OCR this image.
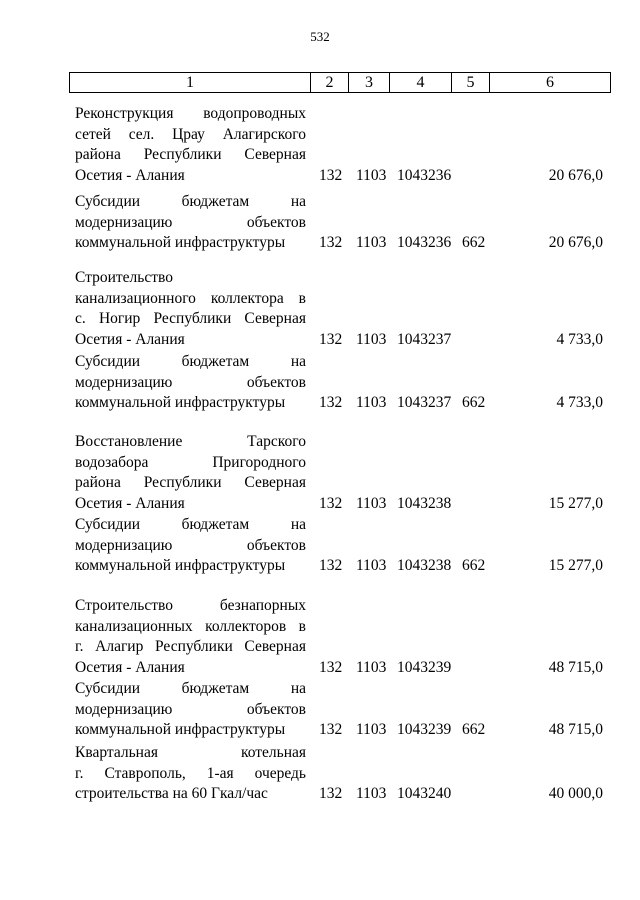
532
1	2	3	4	5	6
Реконструкция водопроводных
сетей сел. Црау Алагирского
района Республики Северная
Осетия - Алания	132 1103 1043236	20 676,0
Субсидии бюджетам на
модернизацию объектов
коммунальной инфраструктуры	132 1103 1043236 662	20 676,0
Строительство
канализационного коллектора в
с. Ногир Республики Северная
Осетия - Алания	132 1103 1043237	4 733,0
Субсидии бюджетам на
модернизацию объектов
коммунальной инфраструктуры	132 1103 1043237 662	4 733,0
Восстановление Тарского
водозабора Пригородного
района Республики Северная
Осетия - Алания	132 1103 1043238	15 277,0
Субсидии бюджетам на
модернизацию объектов
коммунальной инфраструктуры	132 1103 1043238 662	15 277,0
Строительство безнапорных
канализационных коллекторов в
г. Алагир Республики Северная
Осетия - Алания	132 1103 1043239	48 715,0
Субсидии бюджетам на
модернизацию объектов
коммунальной инфраструктуры	132 1103 1043239 662	48 715,0
Квартальная котельная
г. Ставрополь, 1-ая очередь
строительства на 60 Гкал/час	132 1103 1043240	40 000,0
